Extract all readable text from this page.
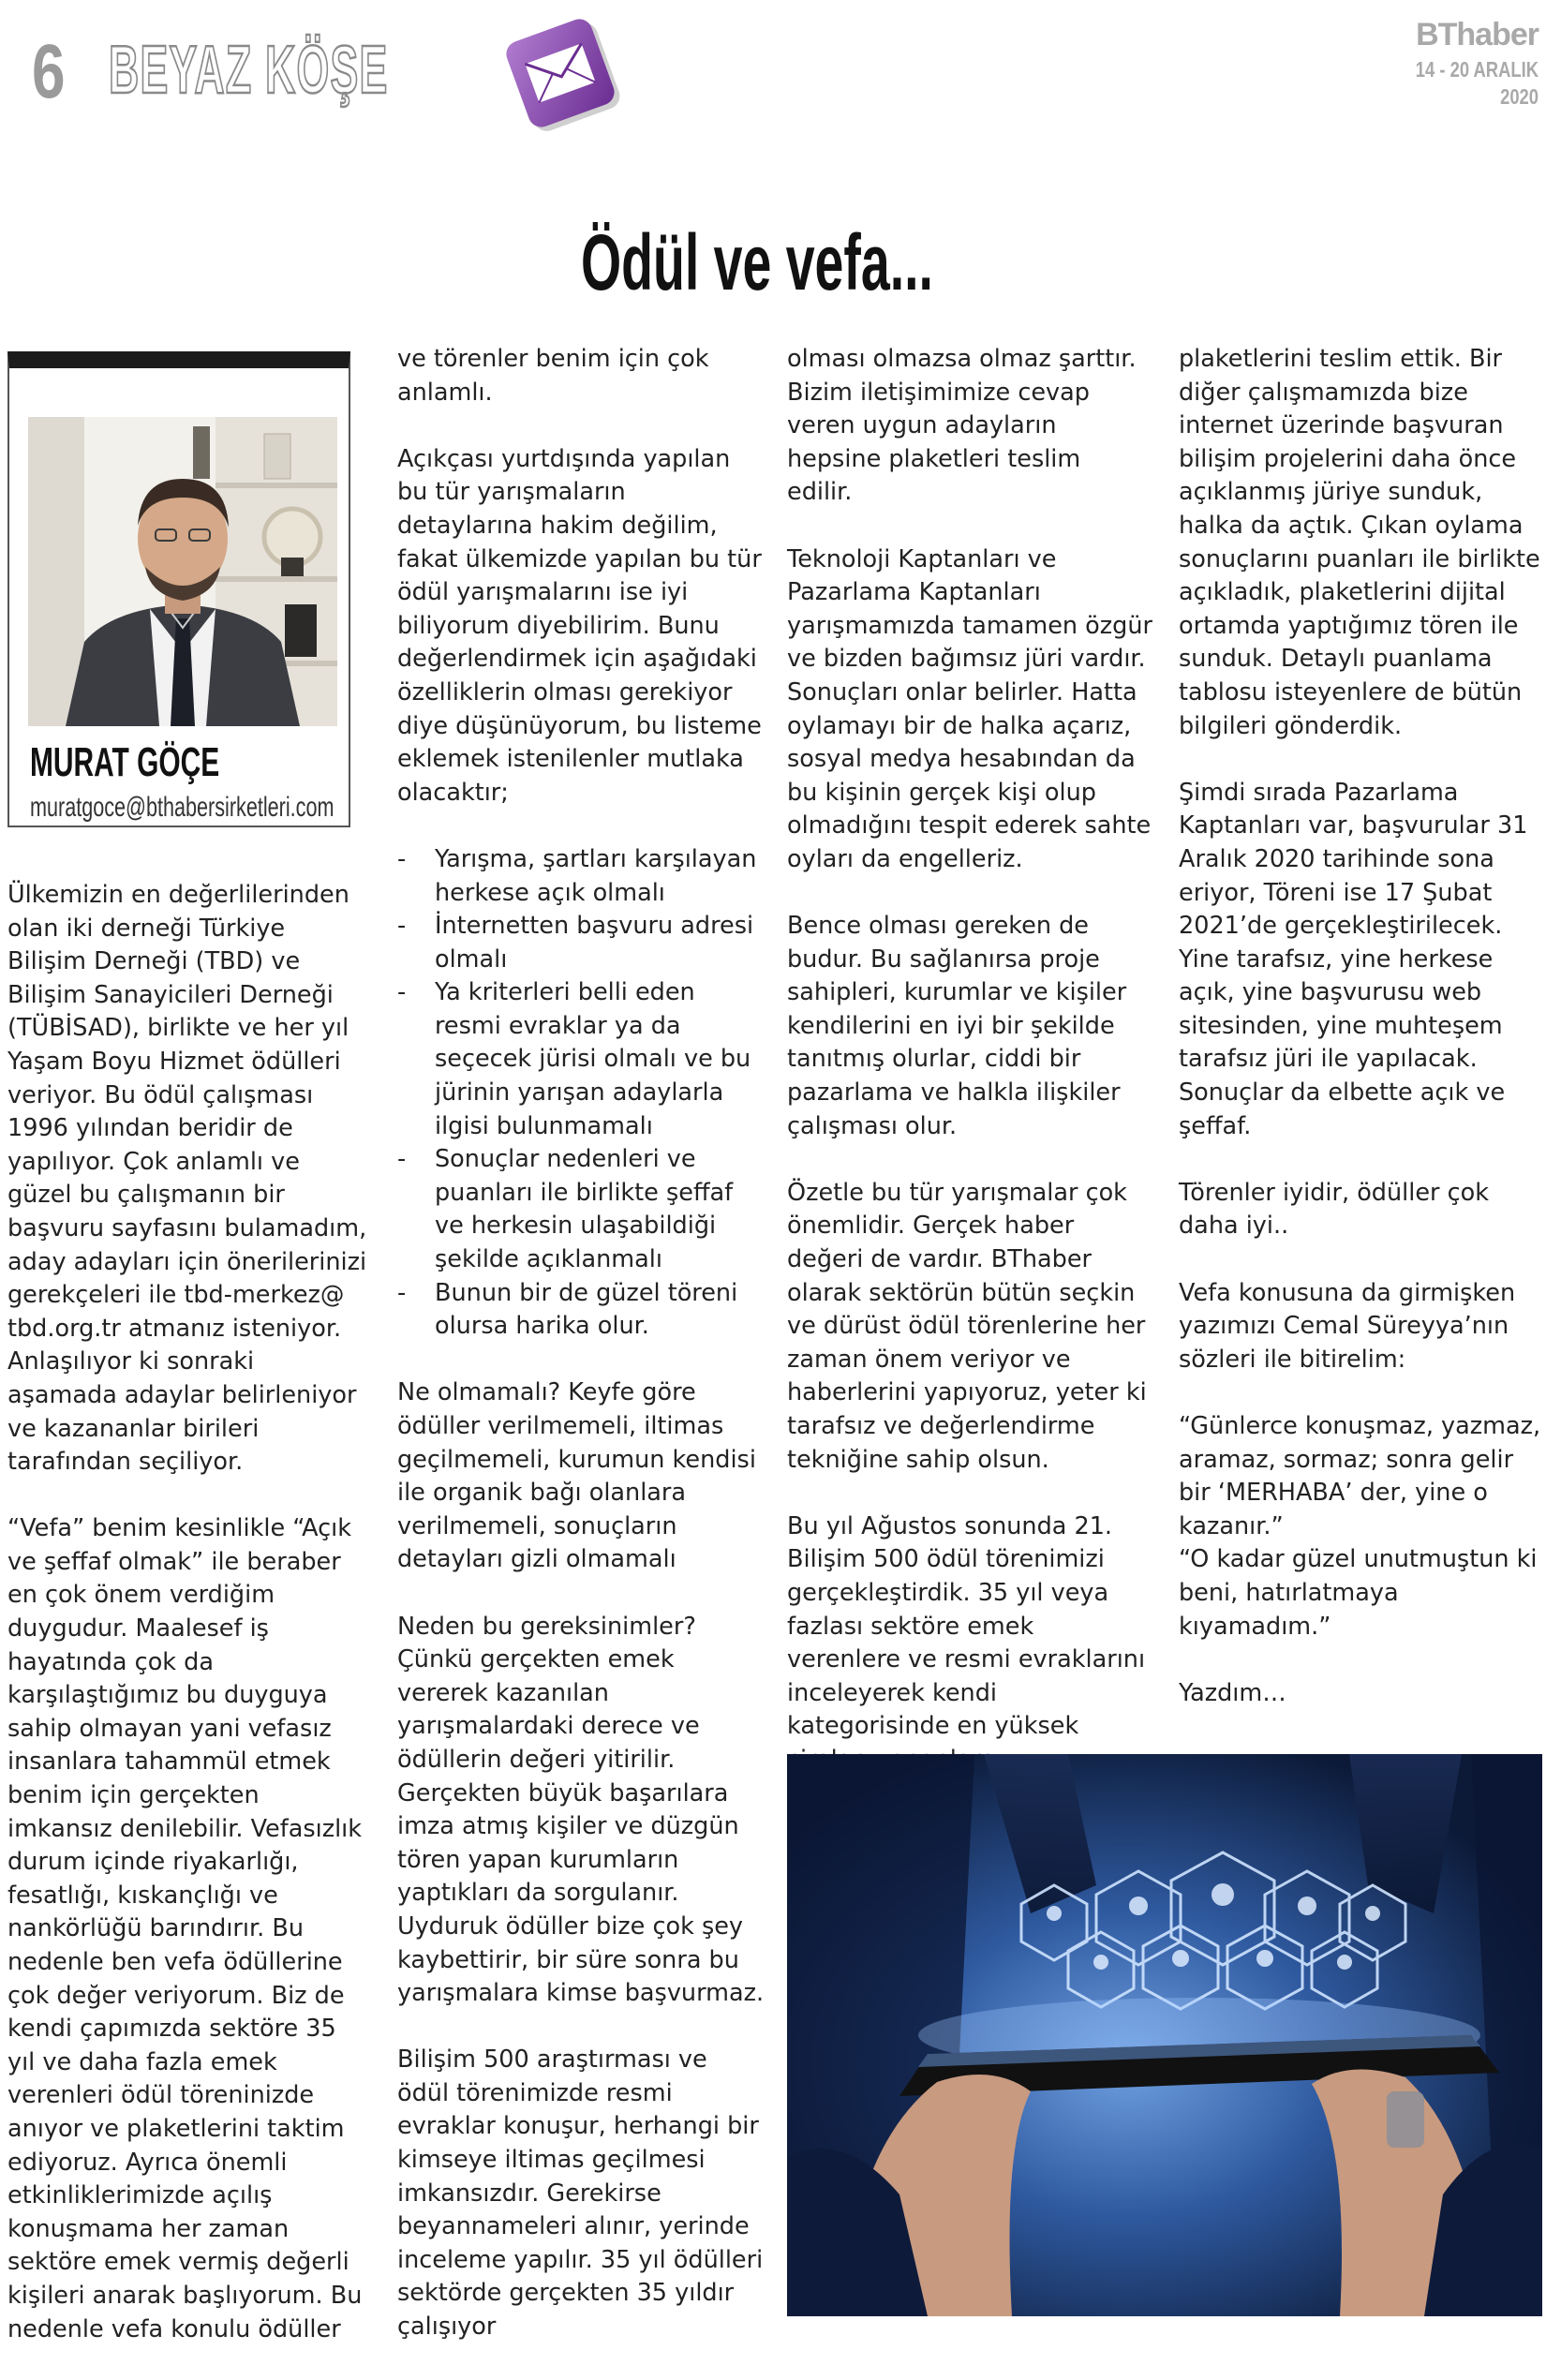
6 BEYAZ KÖŞE	BThaber
14 - 20 ARALIK
2020
Ödül ve vefa...
MURAT GÖÇE
muratgoce@bthabersirketleri.com

Ülkemizin en değerlilerinden olan iki derneği Türkiye Bilişim Derneği (TBD) ve Bilişim Sanayicileri Derneği (TÜBİSAD), birlikte ve her yıl Yaşam Boyu Hizmet ödülleri veriyor. Bu ödül çalışması 1996 yılından beridir de yapılıyor. Çok anlamlı ve güzel bu çalışmanın bir başvuru sayfasını bulamadım, aday adayları için önerilerinizi gerekçeleri ile tbd-merkez@ tbd.org.tr atmanız isteniyor. Anlaşılıyor ki sonraki aşamada adaylar belirleniyor ve kazananlar birileri tarafından seçiliyor.

“Vefa” benim kesinlikle “Açık ve şeffaf olmak” ile beraber en çok önem verdiğim duygudur. Maalesef iş hayatında çok da karşılaştığımız bu duyguya sahip olmayan yani vefasız insanlara tahammül etmek benim için gerçekten imkansız denilebilir. Vefasızlık durum içinde riyakarlığı, fesatlığı, kıskançlığı ve nankörlüğü barındırır. Bu nedenle ben vefa ödüllerine çok değer veriyorum. Biz de kendi çapımızda sektöre 35 yıl ve daha fazla emek verenleri ödül töreninizde anıyor ve plaketlerini taktim ediyoruz. Ayrıca önemli etkinliklerimizde açılış konuşmama her zaman sektöre emek vermiş değerli kişileri anarak başlıyorum. Bu nedenle vefa konulu ödüller

ve törenler benim için çok anlamlı.

Açıkçası yurtdışında yapılan bu tür yarışmaların detaylarına hakim değilim, fakat ülkemizde yapılan bu tür ödül yarışmalarını ise iyi biliyorum diyebilirim. Bunu değerlendirmek için aşağıdaki özelliklerin olması gerekiyor diye düşünüyorum, bu listeme eklemek istenilenler mutlaka olacaktır;

- Yarışma, şartları karşılayan herkese açık olmalı
- İnternetten başvuru adresi olmalı
- Ya kriterleri belli eden resmi evraklar ya da seçecek jürisi olmalı ve bu jürinin yarışan adaylarla ilgisi bulunmamalı
- Sonuçlar nedenleri ve puanları ile birlikte şeffaf ve herkesin ulaşabildiği şekilde açıklanmalı
- Bunun bir de güzel töreni olursa harika olur.

Ne olmamalı? Keyfe göre ödüller verilmemeli, iltimas geçilmemeli, kurumun kendisi ile organik bağı olanlara verilmemeli, sonuçların detayları gizli olmamalı

Neden bu gereksinimler? Çünkü gerçekten emek vererek kazanılan yarışmalardaki derece ve ödüllerin değeri yitirilir. Gerçekten büyük başarılara imza atmış kişiler ve düzgün tören yapan kurumların yaptıkları da sorgulanır. Uyduruk ödüller bize çok şey kaybettirir, bir süre sonra bu yarışmalara kimse başvurmaz.

Bilişim 500 araştırması ve ödül törenimizde resmi evraklar konuşur, herhangi bir kimseye iltimas geçilmesi imkansızdır. Gerekirse beyannameleri alınır, yerinde inceleme yapılır. 35 yıl ödülleri sektörde gerçekten 35 yıldır çalışıyor

olması olmazsa olmaz şarttır. Bizim iletişimimize cevap veren uygun adayların hepsine plaketleri teslim edilir.

Teknoloji Kaptanları ve Pazarlama Kaptanları yarışmamızda tamamen özgür ve bizden bağımsız jüri vardır. Sonuçları onlar belirler. Hatta oylamayı bir de halka açarız, sosyal medya hesabından da bu kişinin gerçek kişi olup olmadığını tespit ederek sahte oyları da engelleriz.

Bence olması gereken de budur. Bu sağlanırsa proje sahipleri, kurumlar ve kişiler kendilerini en iyi bir şekilde tanıtmış olurlar, ciddi bir pazarlama ve halkla ilişkiler çalışması olur.

Özetle bu tür yarışmalar çok önemlidir. Gerçek haber değeri de vardır. BThaber olarak sektörün bütün seçkin ve dürüst ödül törenlerine her zaman önem veriyor ve haberlerini yapıyoruz, yeter ki tarafsız ve değerlendirme tekniğine sahip olsun.

Bu yıl Ağustos sonunda 21. Bilişim 500 ödül törenimizi gerçekleştirdik. 35 yıl veya fazlası sektöre emek verenlere ve resmi evraklarını inceleyerek kendi kategorisinde en yüksek

plaketlerini teslim ettik. Bir diğer çalışmamızda bize internet üzerinde başvuran bilişim projelerini daha önce açıklanmış jüriye sunduk, halka da açtık. Çıkan oylama sonuçlarını puanları ile birlikte açıkladık, plaketlerini dijital ortamda yaptığımız tören ile sunduk. Detaylı puanlama tablosu isteyenlere de bütün bilgileri gönderdik.

Şimdi sırada Pazarlama Kaptanları var, başvurular 31 Aralık 2020 tarihinde sona eriyor, Töreni ise 17 Şubat 2021’de gerçekleştirilecek. Yine tarafsız, yine herkese açık, yine başvurusu web sitesinden, yine muhteşem tarafsız jüri ile yapılacak. Sonuçlar da elbette açık ve şeffaf.

Törenler iyidir, ödüller çok daha iyi..

Vefa konusuna da girmişken yazımızı Cemal Süreyya’nın sözleri ile bitirelim:

“Günlerce konuşmaz, yazmaz, aramaz, sormaz; sonra gelir bir ‘MERHABA’ der, yine o kazanır.”
“O kadar güzel unutmuştun ki beni, hatırlatmaya kıyamadım.”

Yazdım…
